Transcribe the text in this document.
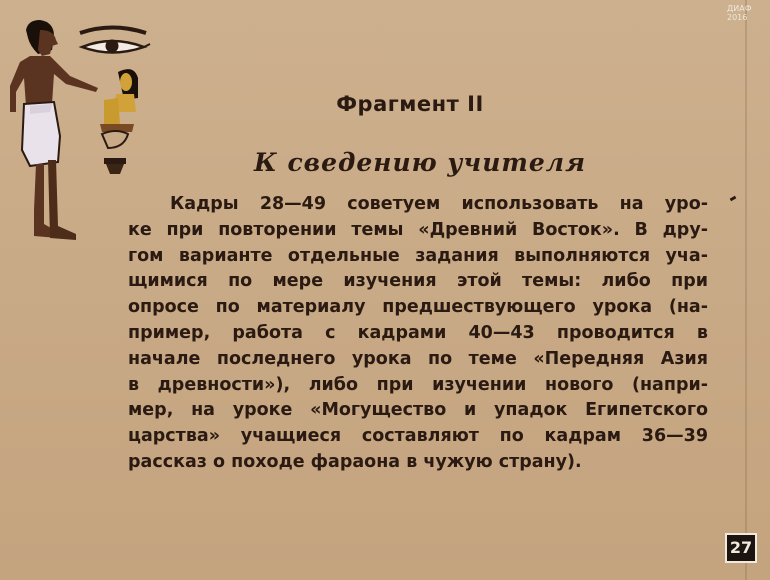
ДИАФ
2016
Фрагмент II
К сведению учителя
Кадры 28—49 советуем использовать на уро-
ке при повторении темы «Древний Восток». В дру-
гом варианте отдельные задания выполняются уча-
щимися по мере изучения этой темы: либо при
опросе по материалу предшествующего урока (на-
пример, работа с кадрами 40—43 проводится в
начале последнего урока по теме «Передняя Азия
в древности»), либо при изучении нового (напри-
мер, на уроке «Могущество и упадок Египетского
царства» учащиеся составляют по кадрам 36—39
рассказ о походе фараона в чужую страну).
27
